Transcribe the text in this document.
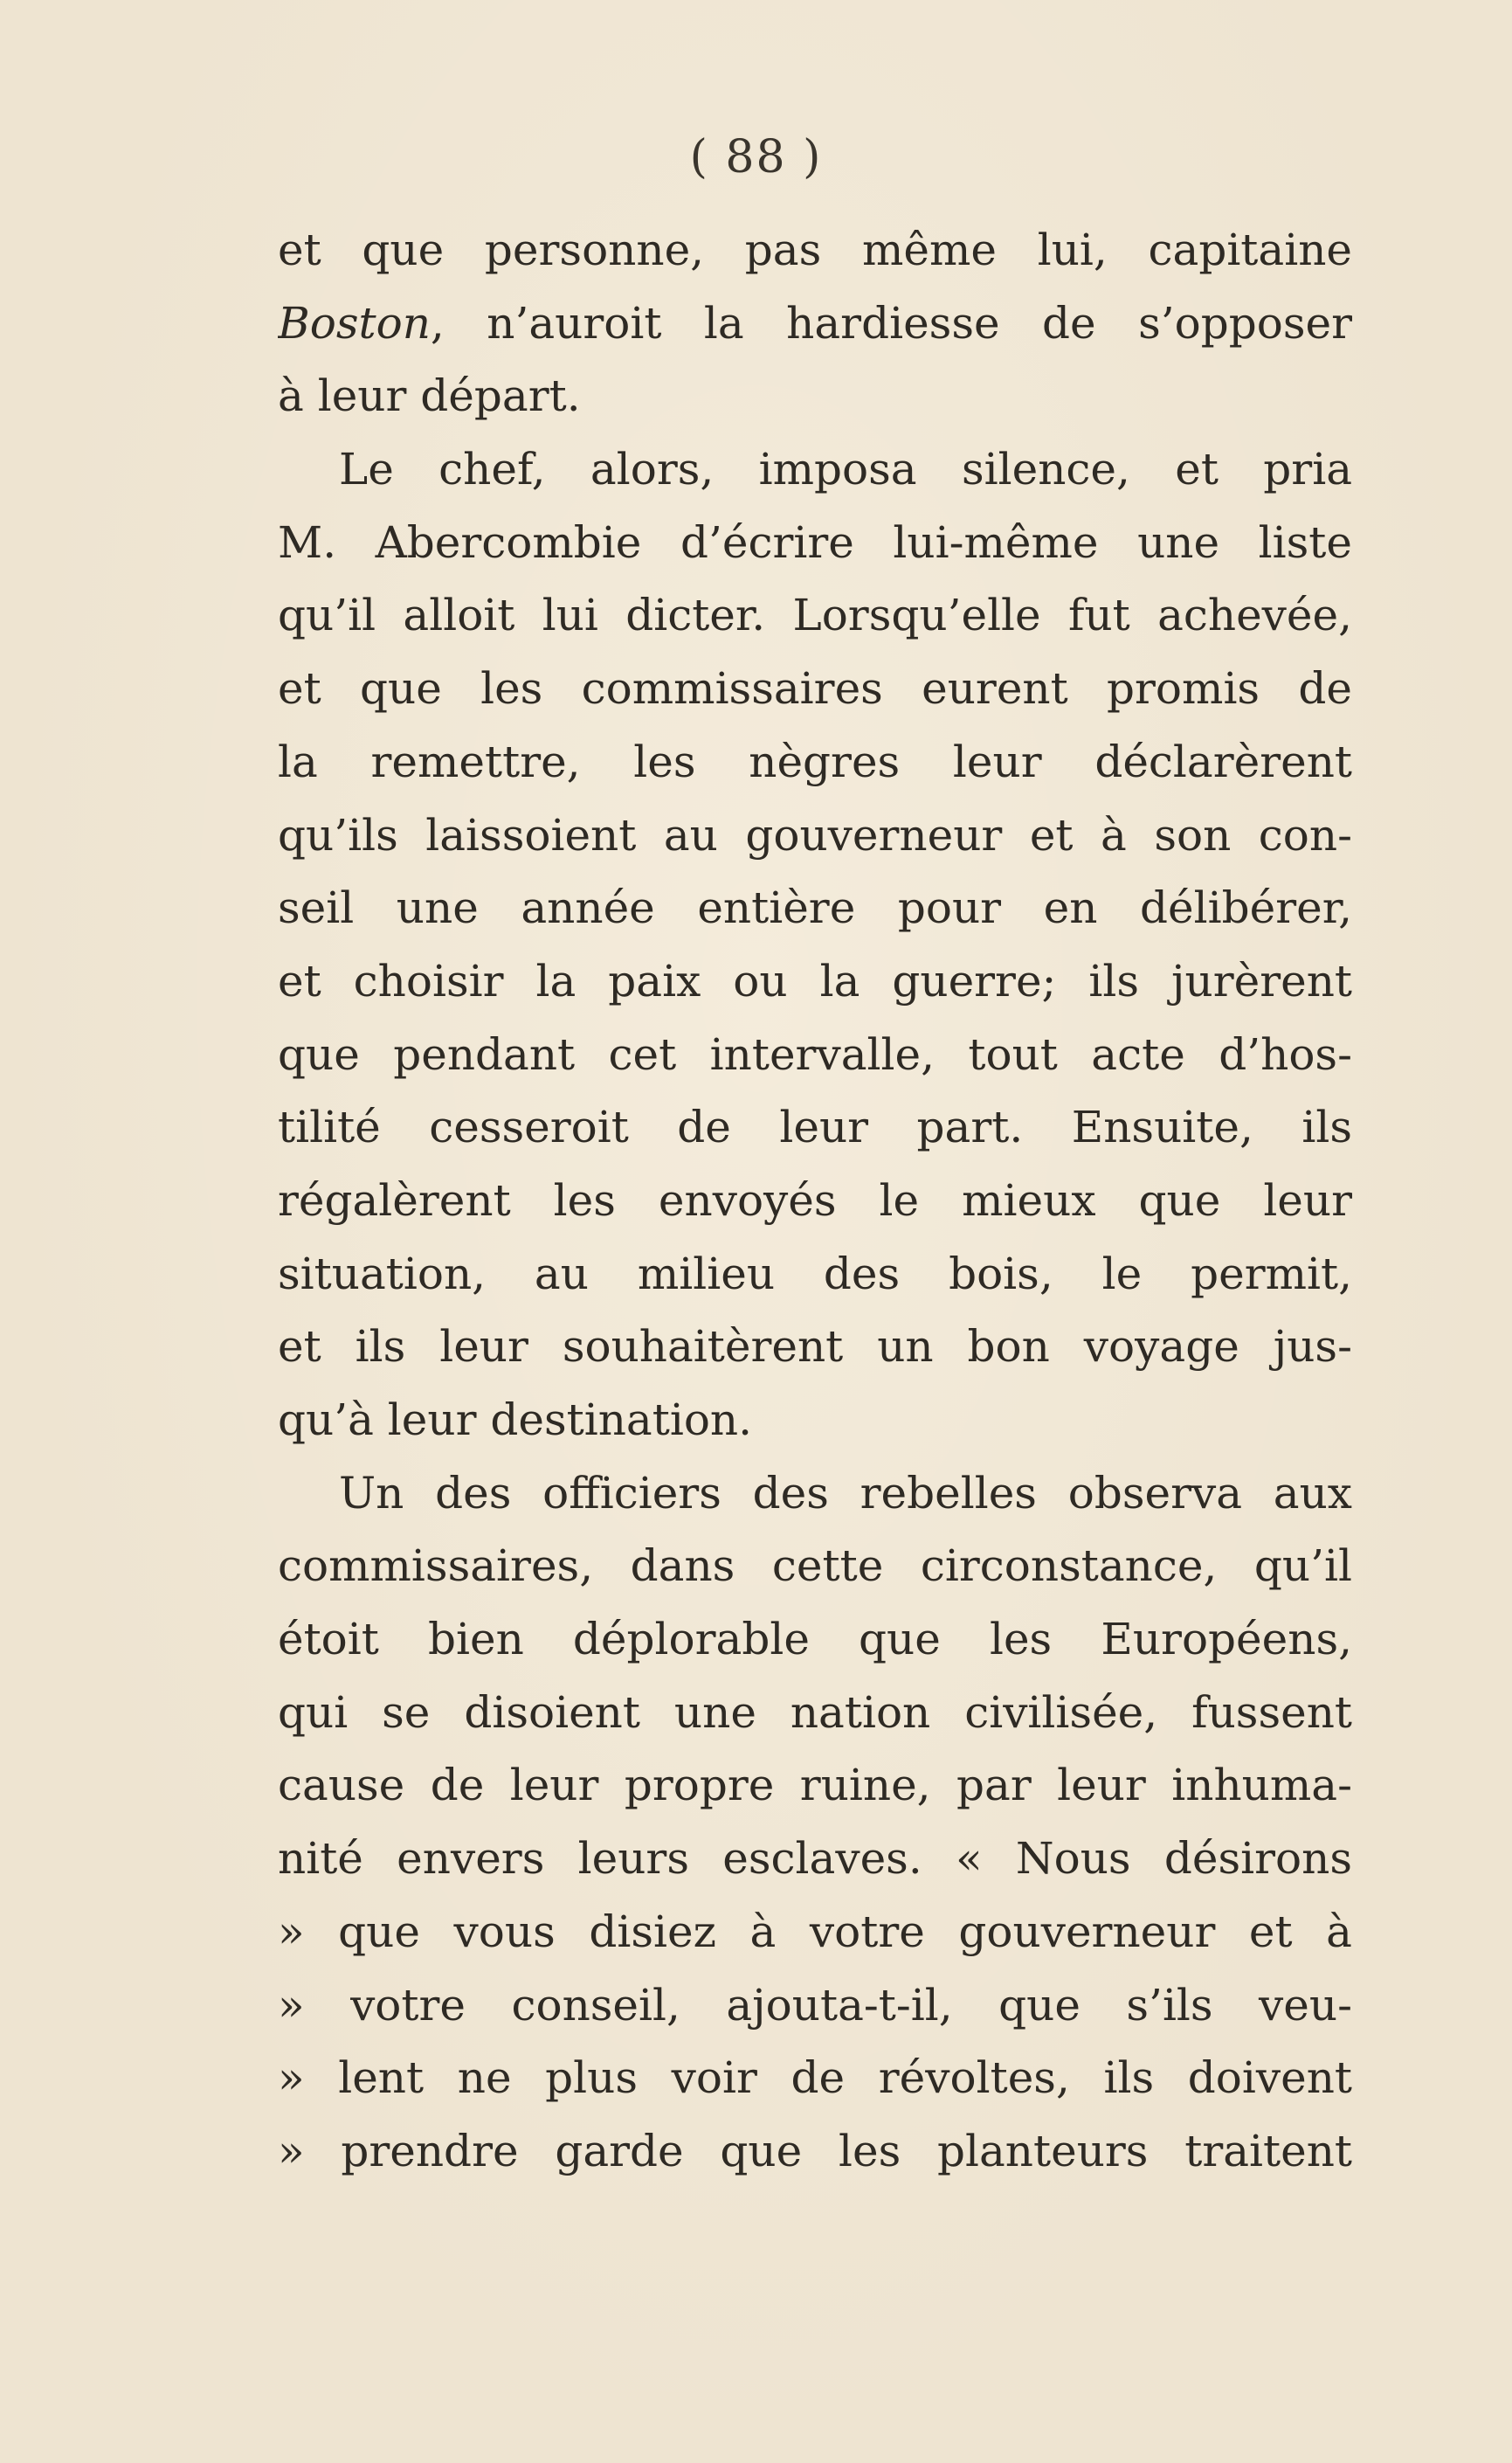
( 88 )
et que personne, pas même lui, capitaine
Boston, n’auroit la hardiesse de s’opposer
à leur départ.
Le chef, alors, imposa silence, et pria
M. Abercombie d’écrire lui-même une liste
qu’il alloit lui dicter. Lorsqu’elle fut achevée,
et que les commissaires eurent promis de
la remettre, les nègres leur déclarèrent
qu’ils laissoient au gouverneur et à son con-
seil une année entière pour en délibérer,
et choisir la paix ou la guerre; ils jurèrent
que pendant cet intervalle, tout acte d’hos-
tilité cesseroit de leur part. Ensuite, ils
régalèrent les envoyés le mieux que leur
situation, au milieu des bois, le permit,
et ils leur souhaitèrent un bon voyage jus-
qu’à leur destination.
Un des officiers des rebelles observa aux
commissaires, dans cette circonstance, qu’il
étoit bien déplorable que les Européens,
qui se disoient une nation civilisée, fussent
cause de leur propre ruine, par leur inhuma-
nité envers leurs esclaves. « Nous désirons
» que vous disiez à votre gouverneur et à
» votre conseil, ajouta-t-il, que s’ils veu-
» lent ne plus voir de révoltes, ils doivent
» prendre garde que les planteurs traitent
